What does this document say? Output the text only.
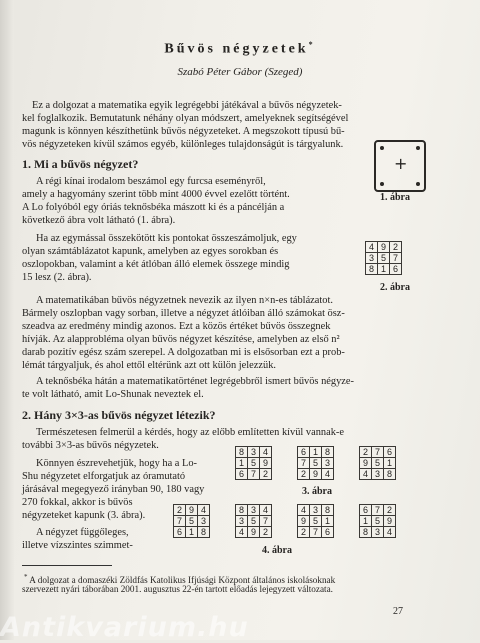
Bűvös négyzetek*
Szabó Péter Gábor (Szeged)
Ez a dolgozat a matematika egyik legrégebbi játékával a bűvös négyzetek-
kel foglalkozik. Bemutatunk néhány olyan módszert, amelyeknek segítségével
magunk is könnyen készíthetünk bűvös négyzeteket. A megszokott típusú bű-
vös négyzeteken kívül számos egyéb, különleges tulajdonságút is tárgyalunk.
1. Mi a bűvös négyzet?
A régi kínai irodalom beszámol egy furcsa eseményről,
amely a hagyomány szerint több mint 4000 évvel ezelőtt történt.
A Lo folyóból egy óriás teknősbéka mászott ki és a páncélján a
következő ábra volt látható (1. ábra).
+
1. ábra
Ha az egymással összekötött kis pontokat összeszámoljuk, egy
olyan számtáblázatot kapunk, amelyben az egyes sorokban és
oszlopokban, valamint a két átlóban álló elemek összege mindig
15 lesz (2. ábra).
4	9	2
3	5	7
8	1	6
2. ábra
A matematikában bűvös négyzetnek nevezik az ilyen n×n-es táblázatot.
Bármely oszlopban vagy sorban, illetve a négyzet átlóiban álló számokat ösz-
szeadva az eredmény mindig azonos. Ezt a közös értéket bűvös összegnek
hívják. Az alapproblémа olyan bűvös négyzet készítése, amelyben az első n²
darab pozitív egész szám szerepel. A dolgozatban mi is elsősorban ezt a prob-
lémát tárgyaljuk, és ahol ettől eltérünk azt ott külön jelezzük.
A teknősbéka hátán a matematikatörténet legrégebbről ismert bűvös négyze-
te volt látható, amit Lo-Shunak neveztek el.
2. Hány 3×3-as bűvös négyzet létezik?
Természetesen felmerül a kérdés, hogy az előbb említetten kívül vannak-e
további 3×3-as bűvös négyzetek.
Könnyen észrevehetjük, hogy ha a Lo-
Shu négyzetet elforgatjuk az óramutató
járásával megegyező irányban 90, 180 vagy
270 fokkal, akkor is bűvös
négyzeteket kapunk (3. ábra).
A négyzet függőleges,
illetve vízszintes szimmet-
8	3	4
1	5	9
6	7	2
6	1	8
7	5	3
2	9	4
2	7	6
9	5	1
4	3	8
3. ábra
2	9	4
7	5	3
6	1	8
8	3	4
3	5	7
4	9	2
4	3	8
9	5	1
2	7	6
6	7	2
1	5	9
8	3	4
4. ábra
* A dolgozat a domaszéki Zöldfás Katolikus Ifjúsági Központ általános iskolásoknak
szervezett nyári táborában 2001. augusztus 22-én tartott előadás lejegyzett változata.
27
Antikvarium.hu
